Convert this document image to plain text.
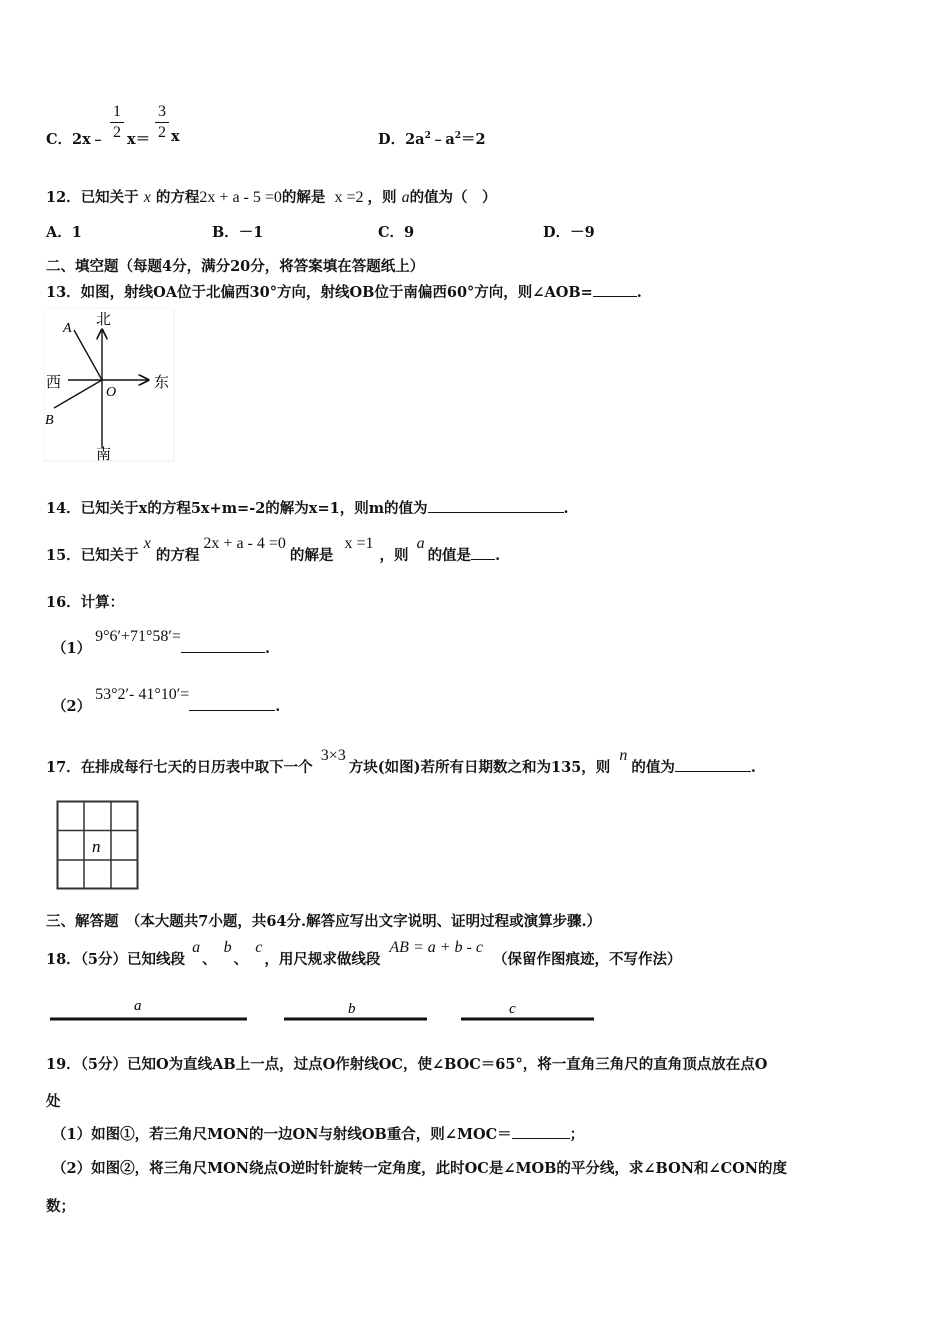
C．2x﹣ $\frac{1}{2} x= \frac{3}{2}$ x	D．$2a^2﹣a^2=2$
12．已知关于 x 的方程2x + a - 5 =0的解是 x =2 ，则 a的值为（　）
A．1	B．－1	C．9	D．－9
二、填空题（每题4分，满分20分，将答案填在答题纸上）
13．如图，射线OA位于北偏西30°方向，射线OB位于南偏西60°方向，则∠AOB=	.
北
南
西	东
A
B
O
14．已知关于x的方程5x+m=-2的解为x=1，则m的值为	.
15．已知关于 x 的方程2x + a - 4 =0的解是 x =1，则 a的值是 .
16．计算：
（1）9°6′+71°58′=.
（2）53°2′- 41°10′=.
17．在排成每行七天的日历表中取下一个 3×3方块(如图)若所有日期数之和为135，则 n的值为	.
n
三、解答题　（本大题共7小题，共64分.解答应写出文字说明、证明过程或演算步骤.）
18．（5分）已知线段 a、 b、 c，用尺规求做线段 AB = a + b - c（保留作图痕迹，不写作法）
a	b	c
19．（5分）已知O为直线AB上一点，过点O作射线OC，使∠BOC＝65°，将一直角三角尺的直角顶点放在点O
处
（1）如图①，若三角尺MON的一边ON与射线OB重合，则∠MOC＝	；
（2）如图②，将三角尺MON绕点O逆时针旋转一定角度，此时OC是∠MOB的平分线，求∠BON和∠CON的度
数；
